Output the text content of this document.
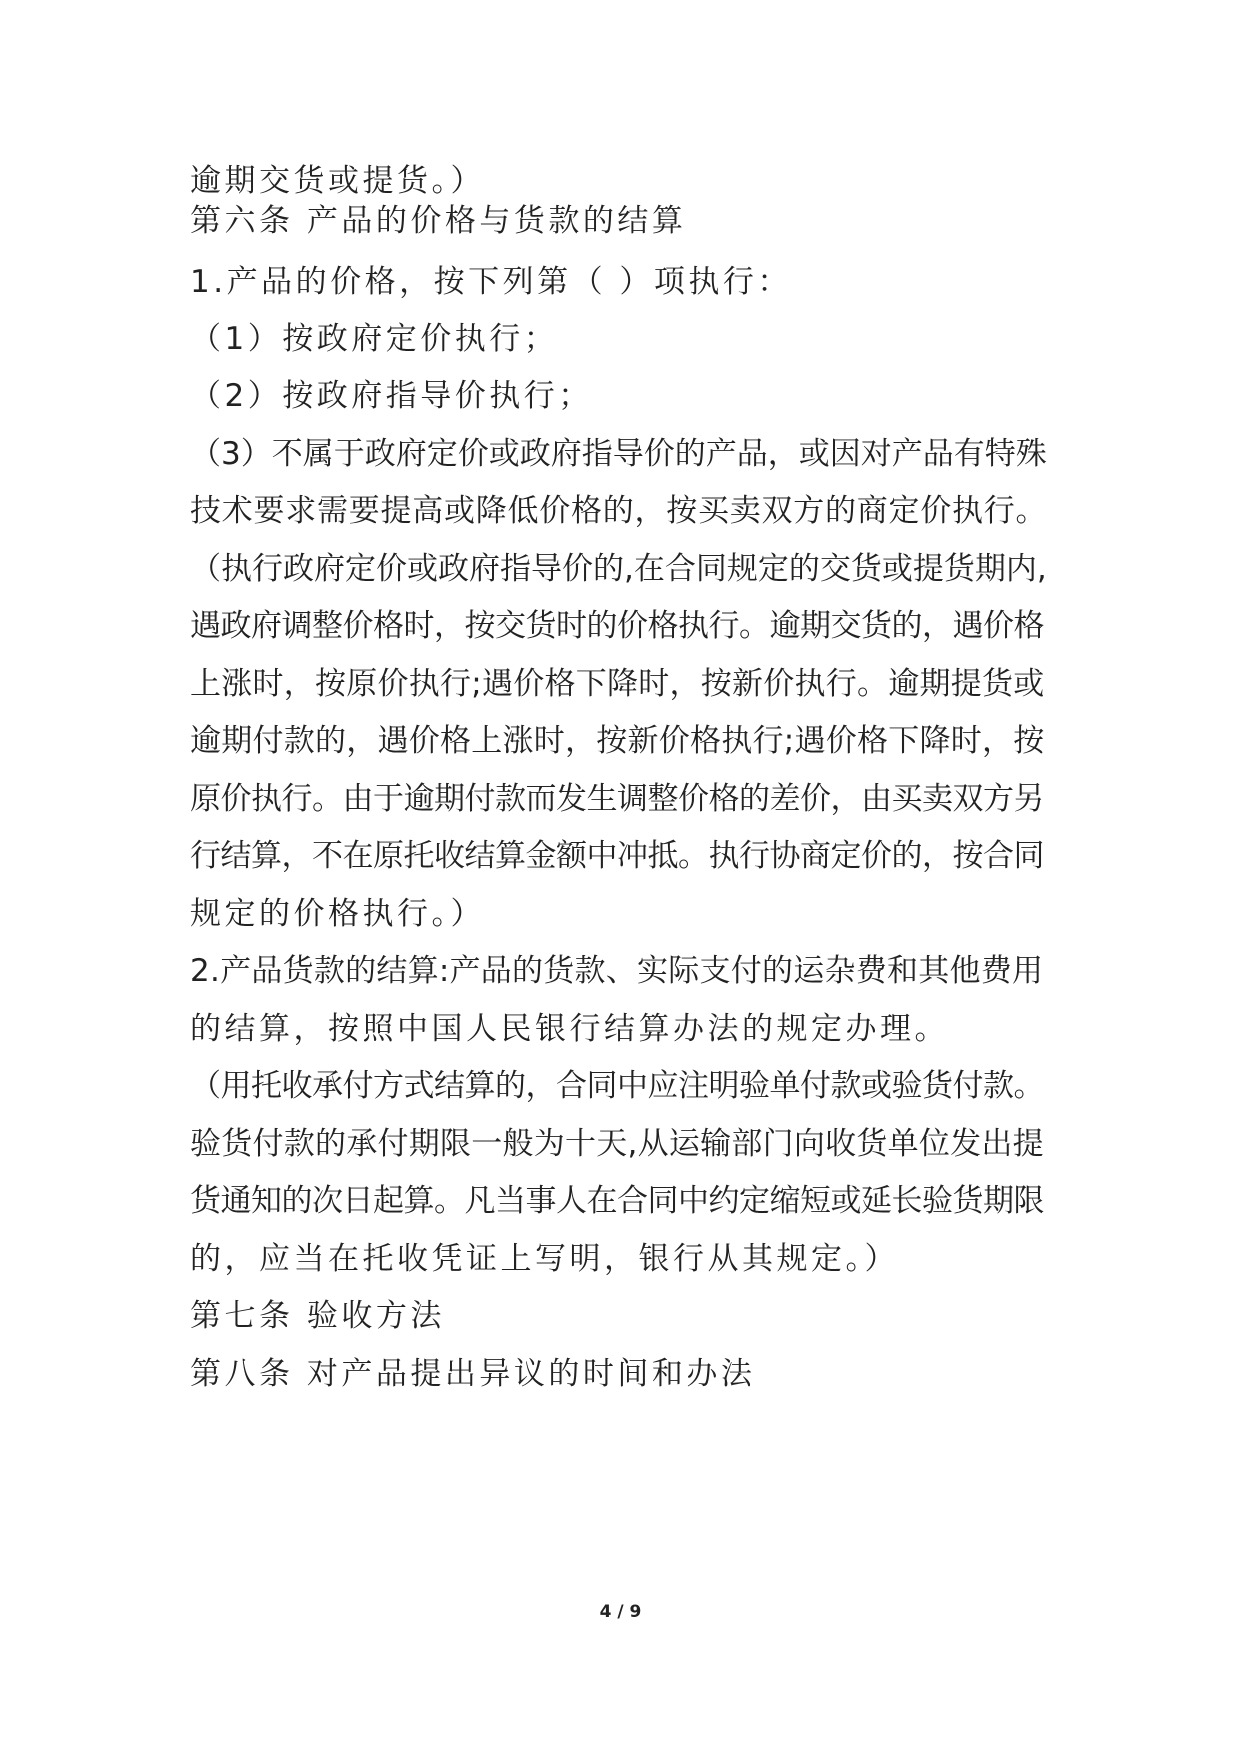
逾期交货或提货。）
第六条 产品的价格与货款的结算
1.产品的价格，按下列第（ ）项执行：
（1）按政府定价执行；
（2）按政府指导价执行；
（3）不属于政府定价或政府指导价的产品，或因对产品有特殊
技术要求需要提高或降低价格的，按买卖双方的商定价执行。
（执行政府定价或政府指导价的,在合同规定的交货或提货期内,
遇政府调整价格时，按交货时的价格执行。逾期交货的，遇价格
上涨时，按原价执行;遇价格下降时，按新价执行。逾期提货或
逾期付款的，遇价格上涨时，按新价格执行;遇价格下降时，按
原价执行。由于逾期付款而发生调整价格的差价，由买卖双方另
行结算，不在原托收结算金额中冲抵。执行协商定价的，按合同
规定的价格执行。）
2.产品货款的结算:产品的货款、实际支付的运杂费和其他费用
的结算，按照中国人民银行结算办法的规定办理。
（用托收承付方式结算的，合同中应注明验单付款或验货付款。
验货付款的承付期限一般为十天,从运输部门向收货单位发出提
货通知的次日起算。凡当事人在合同中约定缩短或延长验货期限
的，应当在托收凭证上写明，银行从其规定。）
第七条 验收方法
第八条 对产品提出异议的时间和办法
4 / 9
